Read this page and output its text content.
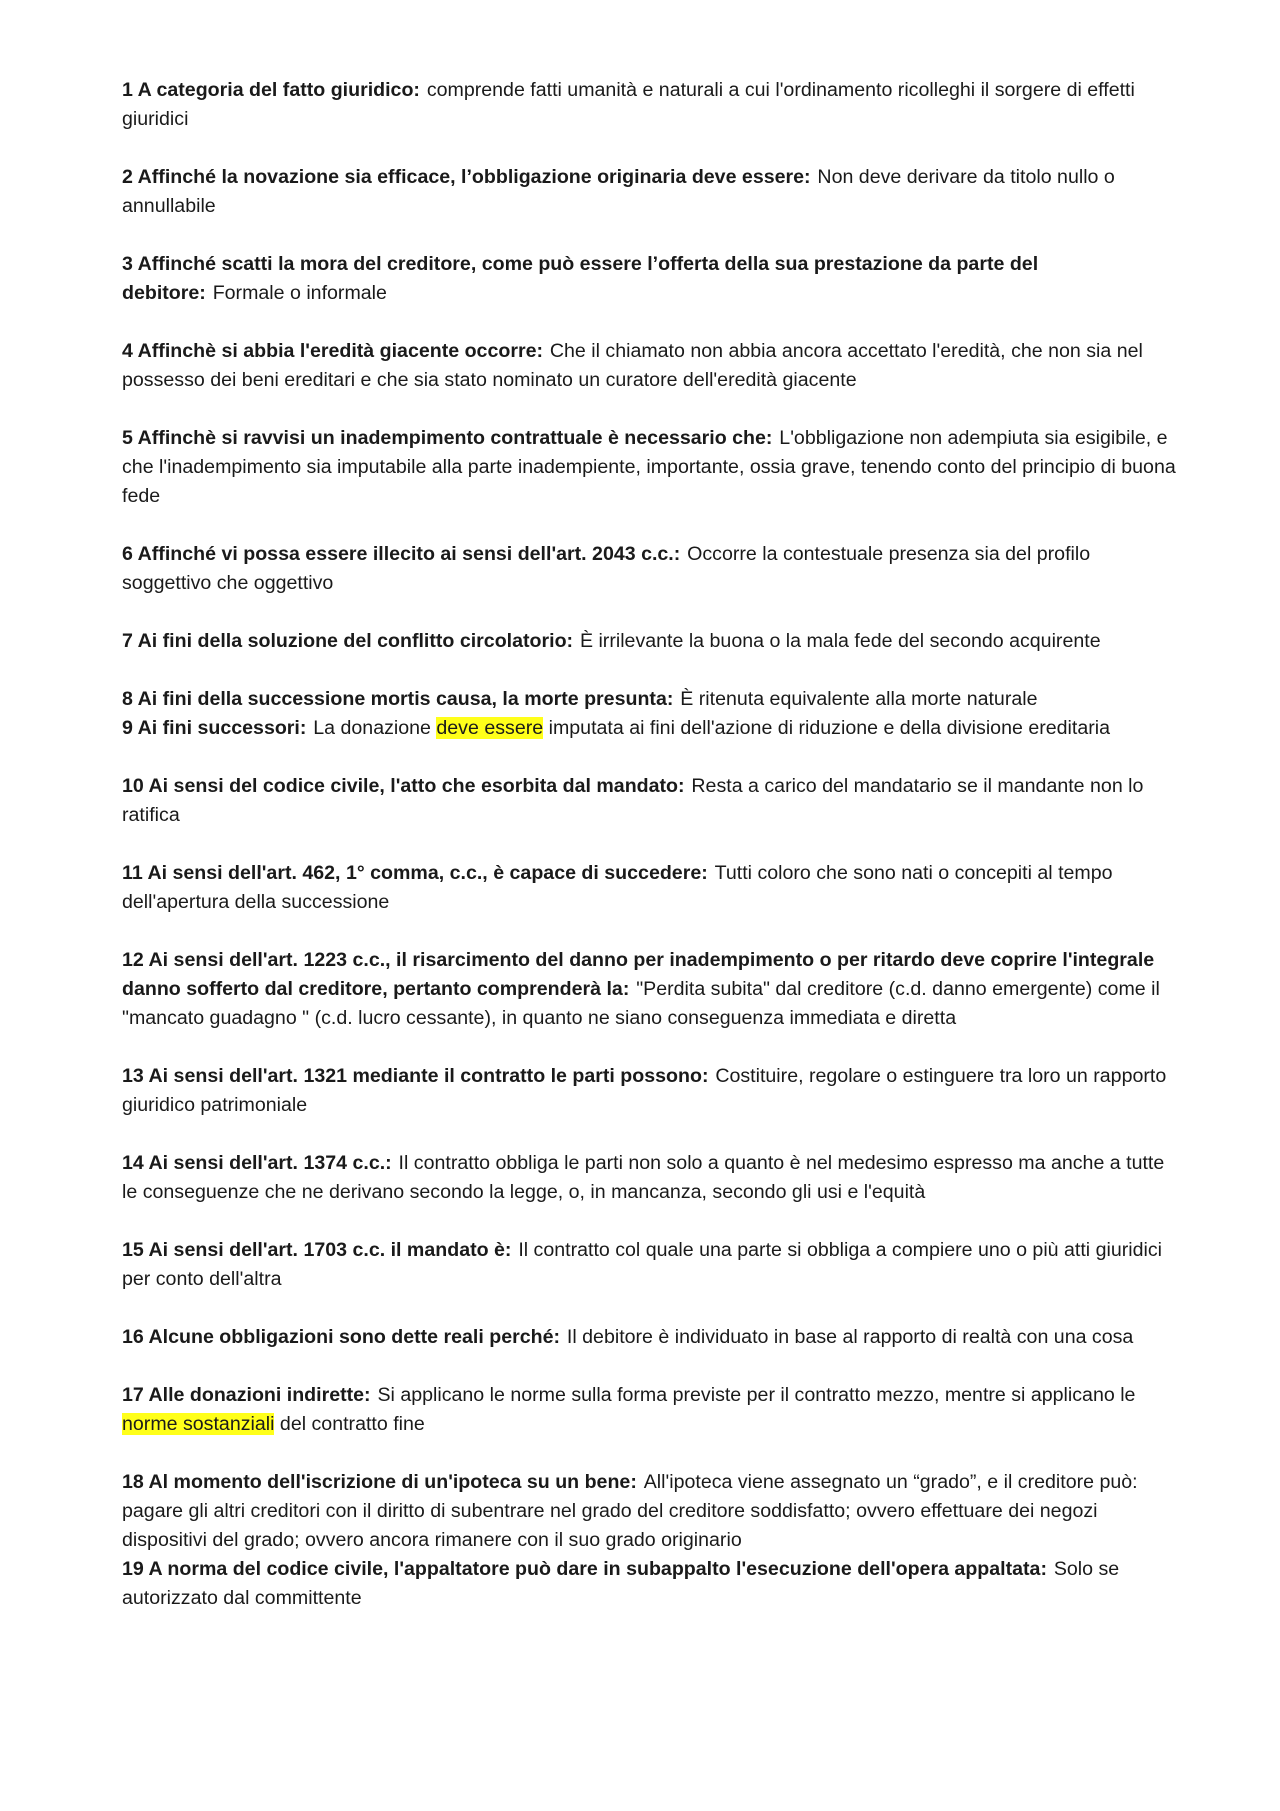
1 A categoria del fatto giuridico: comprende fatti umanità e naturali a cui l'ordinamento ricolleghi il sorgere di effetti giuridici

2 Affinché la novazione sia efficace, l’obbligazione originaria deve essere: Non deve derivare da titolo nullo o annullabile

3 Affinché scatti la mora del creditore, come può essere l’offerta della sua prestazione da parte del debitore: Formale o informale

4 Affinchè si abbia l'eredità giacente occorre: Che il chiamato non abbia ancora accettato l'eredità, che non sia nel possesso dei beni ereditari e che sia stato nominato un curatore dell'eredità giacente

5 Affinchè si ravvisi un inadempimento contrattuale è necessario che: L'obbligazione non adempiuta sia esigibile, e che l'inadempimento sia imputabile alla parte inadempiente, importante, ossia grave, tenendo conto del principio di buona fede

6 Affinché vi possa essere illecito ai sensi dell'art. 2043 c.c.: Occorre la contestuale presenza sia del profilo soggettivo che oggettivo

7 Ai fini della soluzione del conflitto circolatorio: È irrilevante la buona o la mala fede del secondo acquirente

8 Ai fini della successione mortis causa, la morte presunta: È ritenuta equivalente alla morte naturale

9 Ai fini successori: La donazione deve essere imputata ai fini dell'azione di riduzione e della divisione ereditaria

10 Ai sensi del codice civile, l'atto che esorbita dal mandato: Resta a carico del mandatario se il mandante non lo ratifica

11 Ai sensi dell'art. 462, 1° comma, c.c., è capace di succedere: Tutti coloro che sono nati o concepiti al tempo dell'apertura della successione

12 Ai sensi dell'art. 1223 c.c., il risarcimento del danno per inadempimento o per ritardo deve coprire l'integrale danno sofferto dal creditore, pertanto comprenderà la: "Perdita subita" dal creditore (c.d. danno emergente) come il "mancato guadagno " (c.d. lucro cessante), in quanto ne siano conseguenza immediata e diretta

13 Ai sensi dell'art. 1321 mediante il contratto le parti possono: Costituire, regolare o estinguere tra loro un rapporto giuridico patrimoniale

14 Ai sensi dell'art. 1374 c.c.: Il contratto obbliga le parti non solo a quanto è nel medesimo espresso ma anche a tutte le conseguenze che ne derivano secondo la legge, o, in mancanza, secondo gli usi e l'equità

15 Ai sensi dell'art. 1703 c.c. il mandato è: Il contratto col quale una parte si obbliga a compiere uno o più atti giuridici per conto dell'altra

16 Alcune obbligazioni sono dette reali perché: Il debitore è individuato in base al rapporto di realtà con una cosa

17 Alle donazioni indirette: Si applicano le norme sulla forma previste per il contratto mezzo, mentre si applicano le norme sostanziali del contratto fine

18 Al momento dell'iscrizione di un'ipoteca su un bene: All'ipoteca viene assegnato un “grado”, e il creditore può: pagare gli altri creditori con il diritto di subentrare nel grado del creditore soddisfatto; ovvero effettuare dei negozi dispositivi del grado; ovvero ancora rimanere con il suo grado originario

19 A norma del codice civile, l'appaltatore può dare in subappalto l'esecuzione dell'opera appaltata: Solo se autorizzato dal committente
